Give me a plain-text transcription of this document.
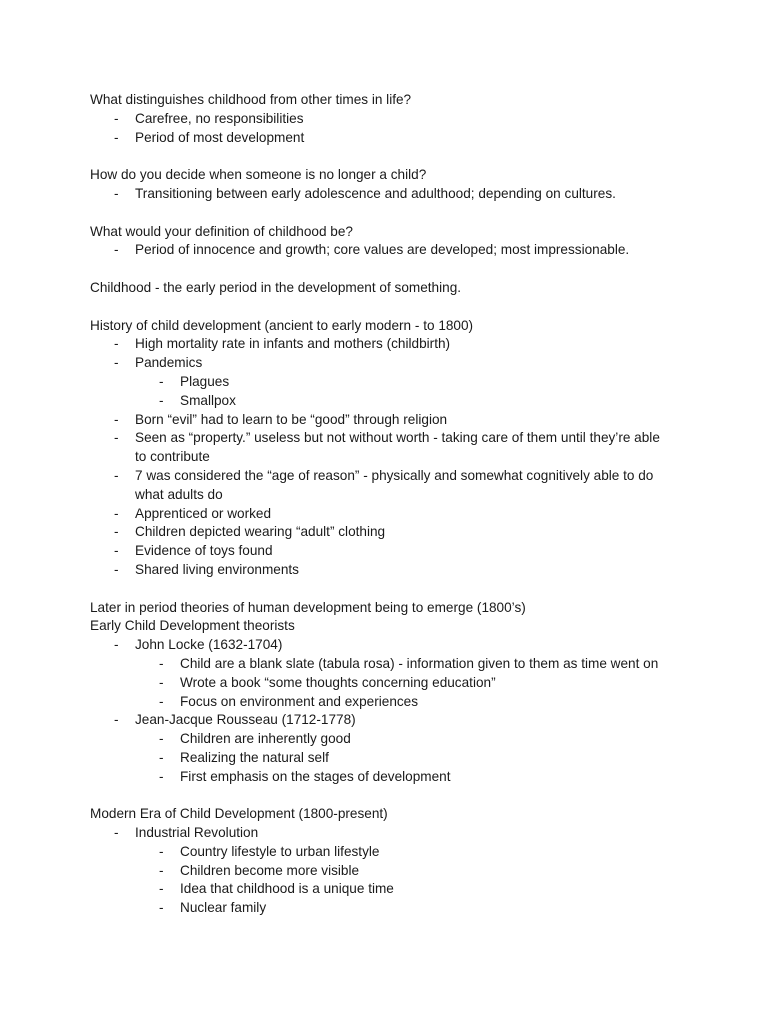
What distinguishes childhood from other times in life?
-	Carefree, no responsibilities
-	Period of most development
How do you decide when someone is no longer a child?
-	Transitioning between early adolescence and adulthood; depending on cultures.
What would your definition of childhood be?
-	Period of innocence and growth; core values are developed; most impressionable.
Childhood - the early period in the development of something.
History of child development (ancient to early modern - to 1800)
-	High mortality rate in infants and mothers (childbirth)
-	Pandemics
-	Plagues
-	Smallpox
-	Born “evil” had to learn to be “good” through religion
-	Seen as “property.” useless but not without worth - taking care of them until they’re able to contribute
-	7 was considered the “age of reason” - physically and somewhat cognitively able to do what adults do
-	Apprenticed or worked
-	Children depicted wearing “adult” clothing
-	Evidence of toys found
-	Shared living environments
Later in period theories of human development being to emerge (1800’s)
Early Child Development theorists
-	John Locke (1632-1704)
-	Child are a blank slate (tabula rosa) - information given to them as time went on
-	Wrote a book “some thoughts concerning education”
-	Focus on environment and experiences
-	Jean-Jacque Rousseau (1712-1778)
-	Children are inherently good
-	Realizing the natural self
-	First emphasis on the stages of development
Modern Era of Child Development (1800-present)
-	Industrial Revolution
-	Country lifestyle to urban lifestyle
-	Children become more visible
-	Idea that childhood is a unique time
-	Nuclear family
